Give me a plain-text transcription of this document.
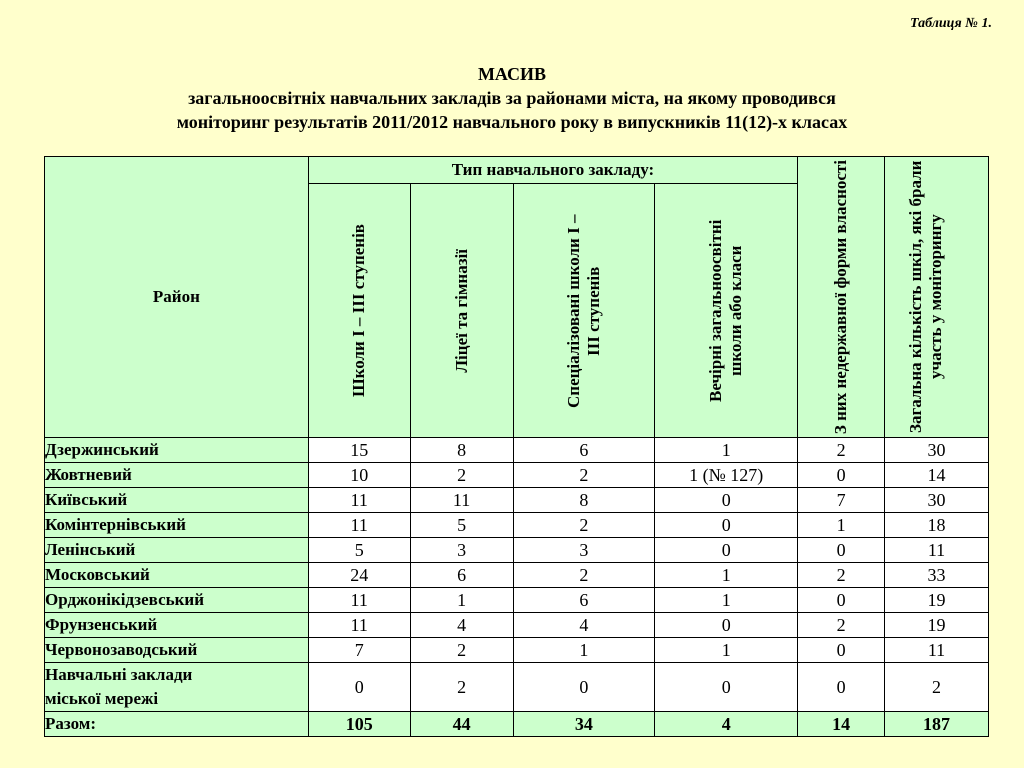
Таблиця № 1.
МАСИВ
загальноосвітніх навчальних закладів за районами міста, на якому проводився
моніторинг результатів 2011/2012 навчального року в випускників 11(12)-х класах
Район	Тип навчального закладу:				З них недержавної форми власності	Загальна кількість шкіл, які брали участь у моніторингу

	Школи І – ІІІ ступенів	Ліцеї та гімназії	Спеціалізовані школи І – ІІІ ступенів	Вечірні загальноосвітні школи або класи		

Дзержинський	15	8	6	1	2	30
Жовтневий	10	2	2	1 (№ 127)	0	14
Київський	11	11	8	0	7	30
Комінтернівський	11	5	2	0	1	18
Ленінський	5	3	3	0	0	11
Московський	24	6	2	1	2	33
Орджонікідзевський	11	1	6	1	0	19
Фрунзенський	11	4	4	0	2	19
Червонозаводський	7	2	1	1	0	11

Навчальні заклади
міської мережі	0	2	0	0	0	2
Разом:	105	44	34	4	14	187
